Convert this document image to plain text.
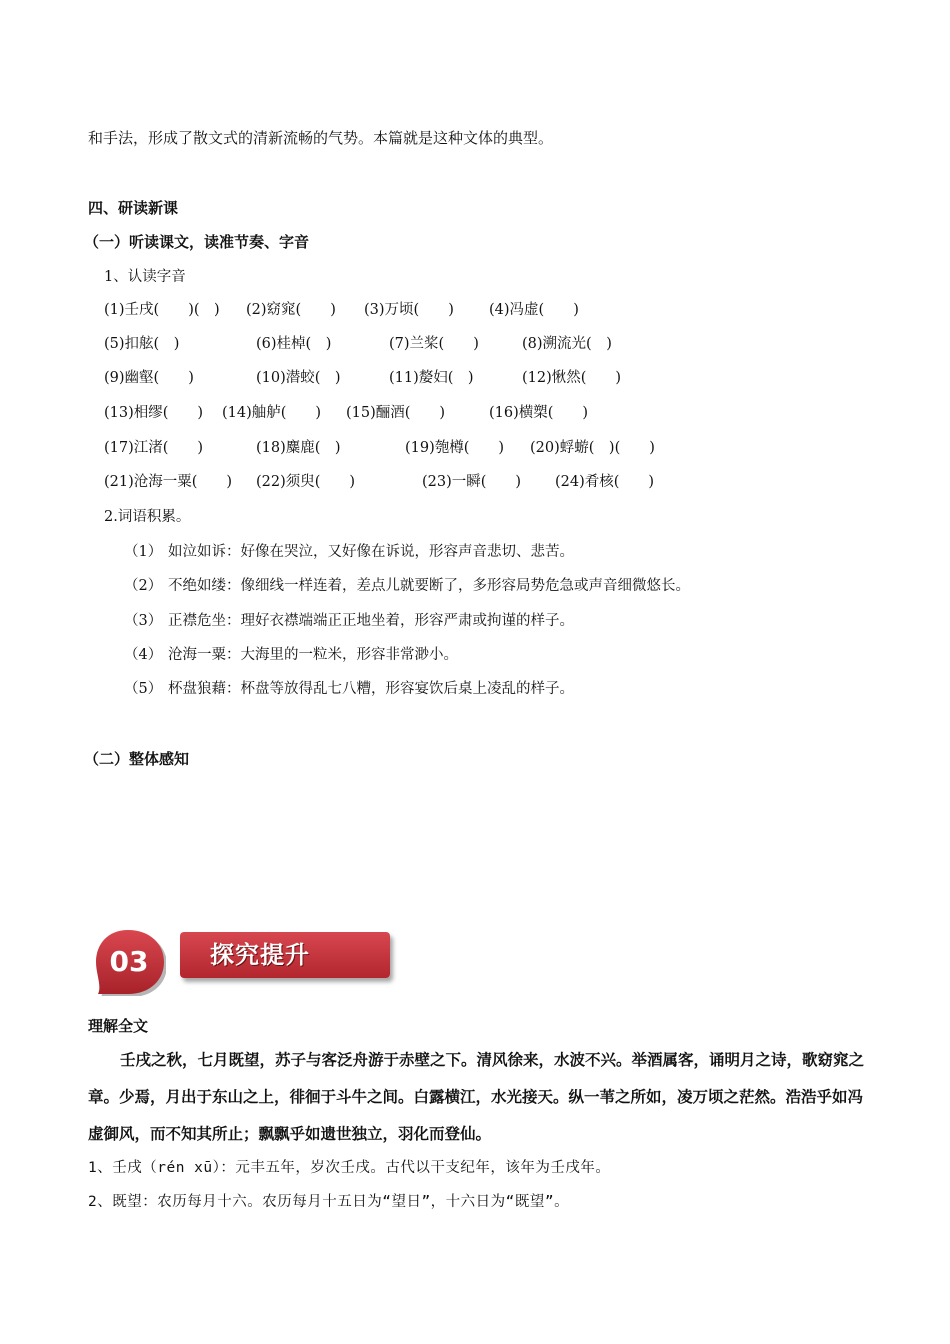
和手法，形成了散文式的清新流畅的气势。本篇就是这种文体的典型。
四、研读新课
（一）听读课文，读准节奏、字音
1、认读字音
(1)壬戌(　　)(　) (2)窈窕(　　) (3)万顷(　　) (4)冯虚(　　)
(5)扣舷(　)	(6)桂棹(　)	(7)兰桨(　　)	(8)溯流光(　)
(9)幽壑(　　)	(10)潜蛟(　)	(11)嫠妇(　)	(12)愀然(　　)
(13)相缪(　　) (14)舳舻(　　) (15)酾酒(　　)	(16)横槊(　　)
(17)江渚(　　)	(18)麋鹿(　)	(19)匏樽(　　) (20)蜉蝣(　)(　　)
(21)沧海一粟(　　) (22)须臾(　　)	(23)一瞬(　　) (24)肴核(　　)
2.词语积累。
（1） 如泣如诉：好像在哭泣，又好像在诉说，形容声音悲切、悲苦。
（2） 不绝如缕：像细线一样连着，差点儿就要断了，多形容局势危急或声音细微悠长。
（3） 正襟危坐：理好衣襟端端正正地坐着，形容严肃或拘谨的样子。
（4） 沧海一粟：大海里的一粒米，形容非常渺小。
（5） 杯盘狼藉：杯盘等放得乱七八糟，形容宴饮后桌上凌乱的样子。
（二）整体感知
03	探究提升
理解全文
壬戌之秋，七月既望，苏子与客泛舟游于赤壁之下。清风徐来，水波不兴。举酒属客，诵明月之诗，歌窈窕之章。少焉，月出于东山之上，徘徊于斗牛之间。白露横江，水光接天。纵一苇之所如，凌万顷之茫然。浩浩乎如冯虚御风，而不知其所止；飘飘乎如遗世独立，羽化而登仙。
1、壬戌（rén xū）：元丰五年，岁次壬戌。古代以干支纪年，该年为壬戌年。
2、既望：农历每月十六。农历每月十五日为“望日”，十六日为“既望”。
